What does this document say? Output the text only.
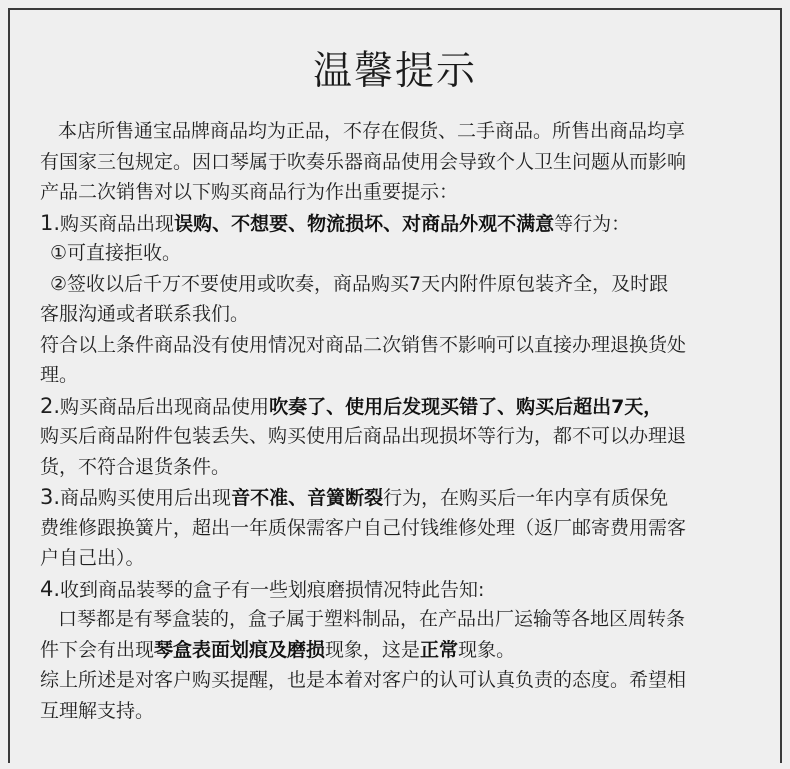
温馨提示
本店所售通宝品牌商品均为正品，不存在假货、二手商品。所售出商品均享
有国家三包规定。因口琴属于吹奏乐器商品使用会导致个人卫生问题从而影响
产品二次销售对以下购买商品行为作出重要提示：
1.购买商品出现误购、不想要、物流损坏、对商品外观不满意等行为：
①可直接拒收。
②签收以后千万不要使用或吹奏，商品购买7天内附件原包装齐全，及时跟
客服沟通或者联系我们。
符合以上条件商品没有使用情况对商品二次销售不影响可以直接办理退换货处
理。
2.购买商品后出现商品使用吹奏了、使用后发现买错了、购买后超出7天，
购买后商品附件包装丢失、购买使用后商品出现损坏等行为，都不可以办理退
货，不符合退货条件。
3.商品购买使用后出现音不准、音簧断裂行为，在购买后一年内享有质保免
费维修跟换簧片，超出一年质保需客户自己付钱维修处理（返厂邮寄费用需客
户自己出）。
4.收到商品装琴的盒子有一些划痕磨损情况特此告知:
口琴都是有琴盒装的，盒子属于塑料制品，在产品出厂运输等各地区周转条
件下会有出现琴盒表面划痕及磨损现象，这是正常现象。
综上所述是对客户购买提醒，也是本着对客户的认可认真负责的态度。希望相
互理解支持。
